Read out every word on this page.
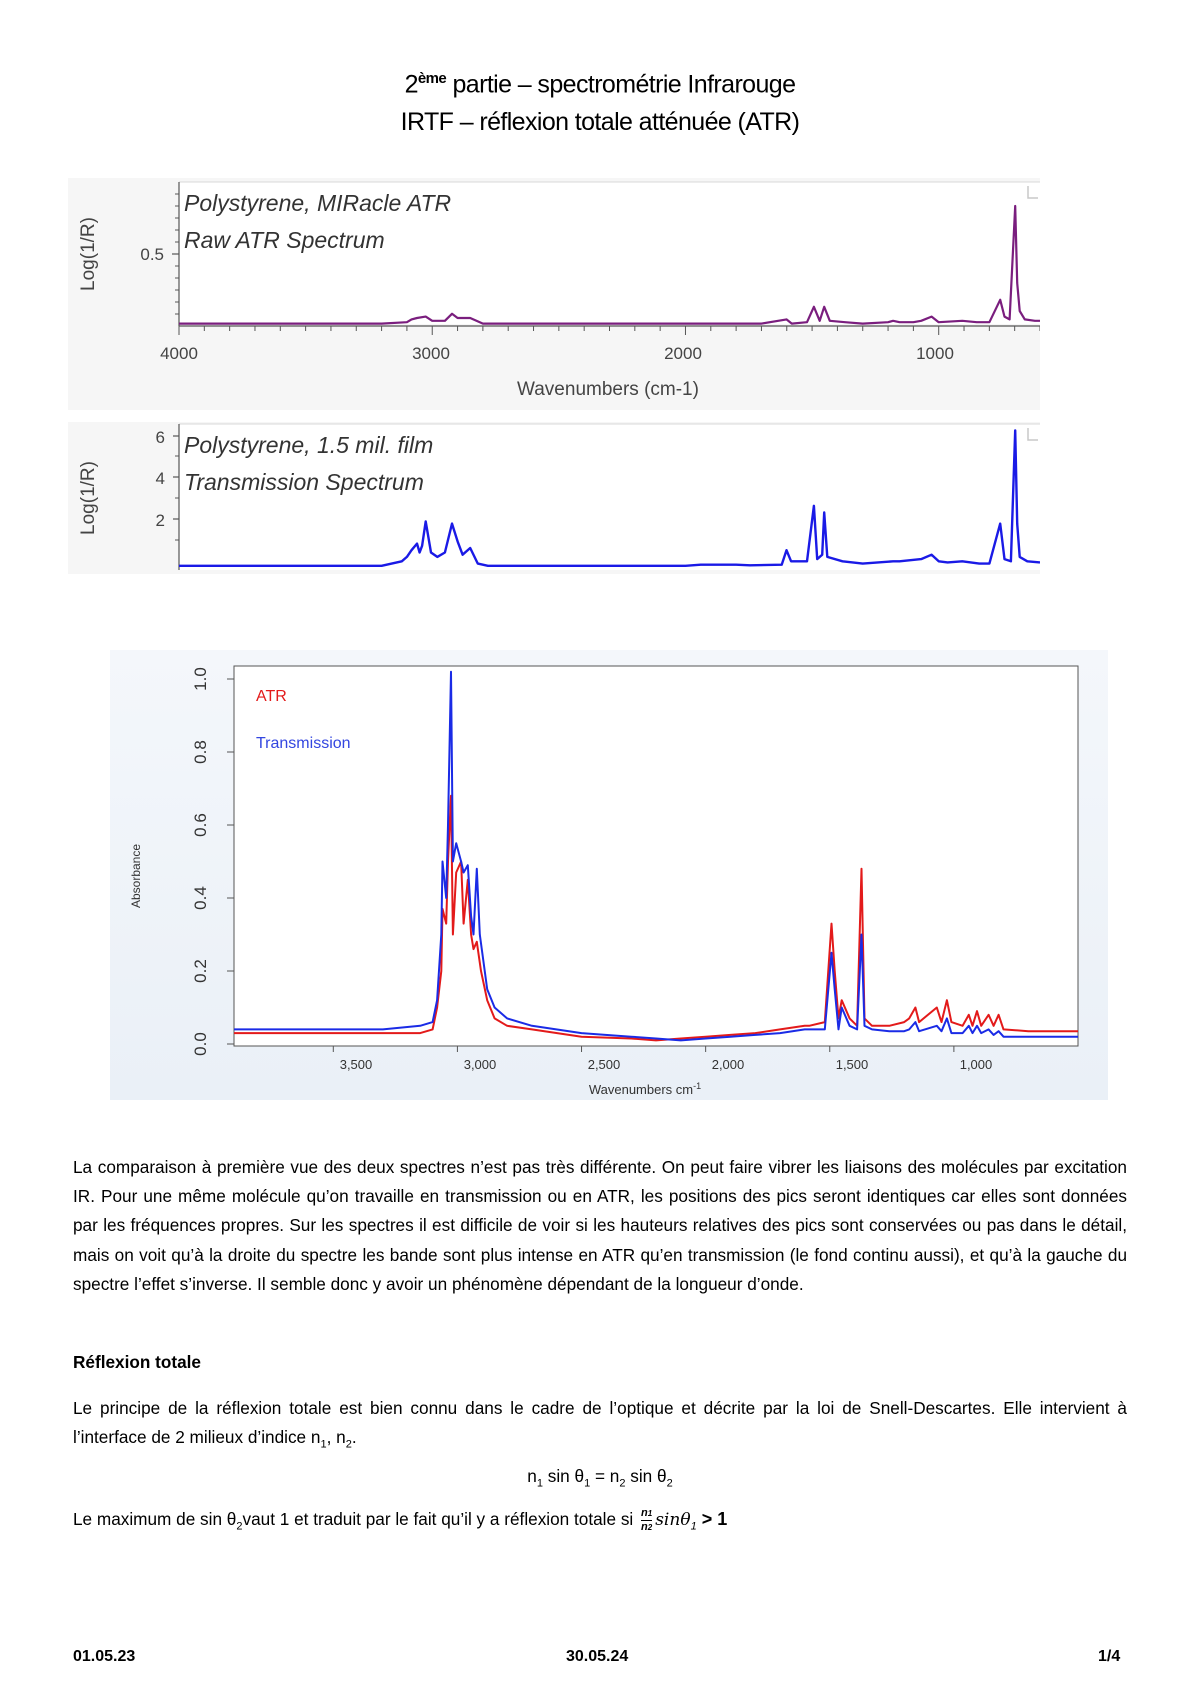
2ème partie – spectrométrie Infrarouge
IRTF – réflexion totale atténuée (ATR)
0.5
Log(1/R)
Polystyrene, MIRacle ATR
Raw ATR Spectrum
4000	3000	2000	1000
Wavenumbers (cm-1)
6
4
2
Log(1/R)
Polystyrene, 1.5 mil. film
Transmission Spectrum
1.0
0.8
0.6
0.4
0.2
0.0
Absorbance
3,500	3,000	2,500	2,000	1,500	1,000
Wavenumbers $cm^{-1}$
ATR
Transmission
La comparaison à première vue des deux spectres n’est pas très différente. On peut faire vibrer les liaisons des molécules par excitation IR. Pour une même molécule qu’on travaille en transmission ou en ATR, les positions des pics seront identiques car elles sont données par les fréquences propres. Sur les spectres il est difficile de voir si les hauteurs relatives des pics sont conservées ou pas dans le détail, mais on voit qu’à la droite du spectre les bande sont plus intense en ATR qu’en transmission (le fond continu aussi), et qu’à la gauche du spectre l’effet s’inverse. Il semble donc y avoir un phénomène dépendant de la longueur d’onde.
Réflexion totale
Le principe de la réflexion totale est bien connu dans le cadre de l’optique et décrite par la loi de Snell-Descartes. Elle intervient à l’interface de 2 milieux d’indice $n_1$, $n_2$.
$n_1$ $\sin \theta_1 = n_2$ $\sin \theta_2$
Le maximum de $\sin \theta_2vaut$ 1 et traduit par le fait qu’il y a réflexion totale si $\frac{n1}{n2} \sin\theta_1 > 1$
01.05.23	30.05.24	1/4
